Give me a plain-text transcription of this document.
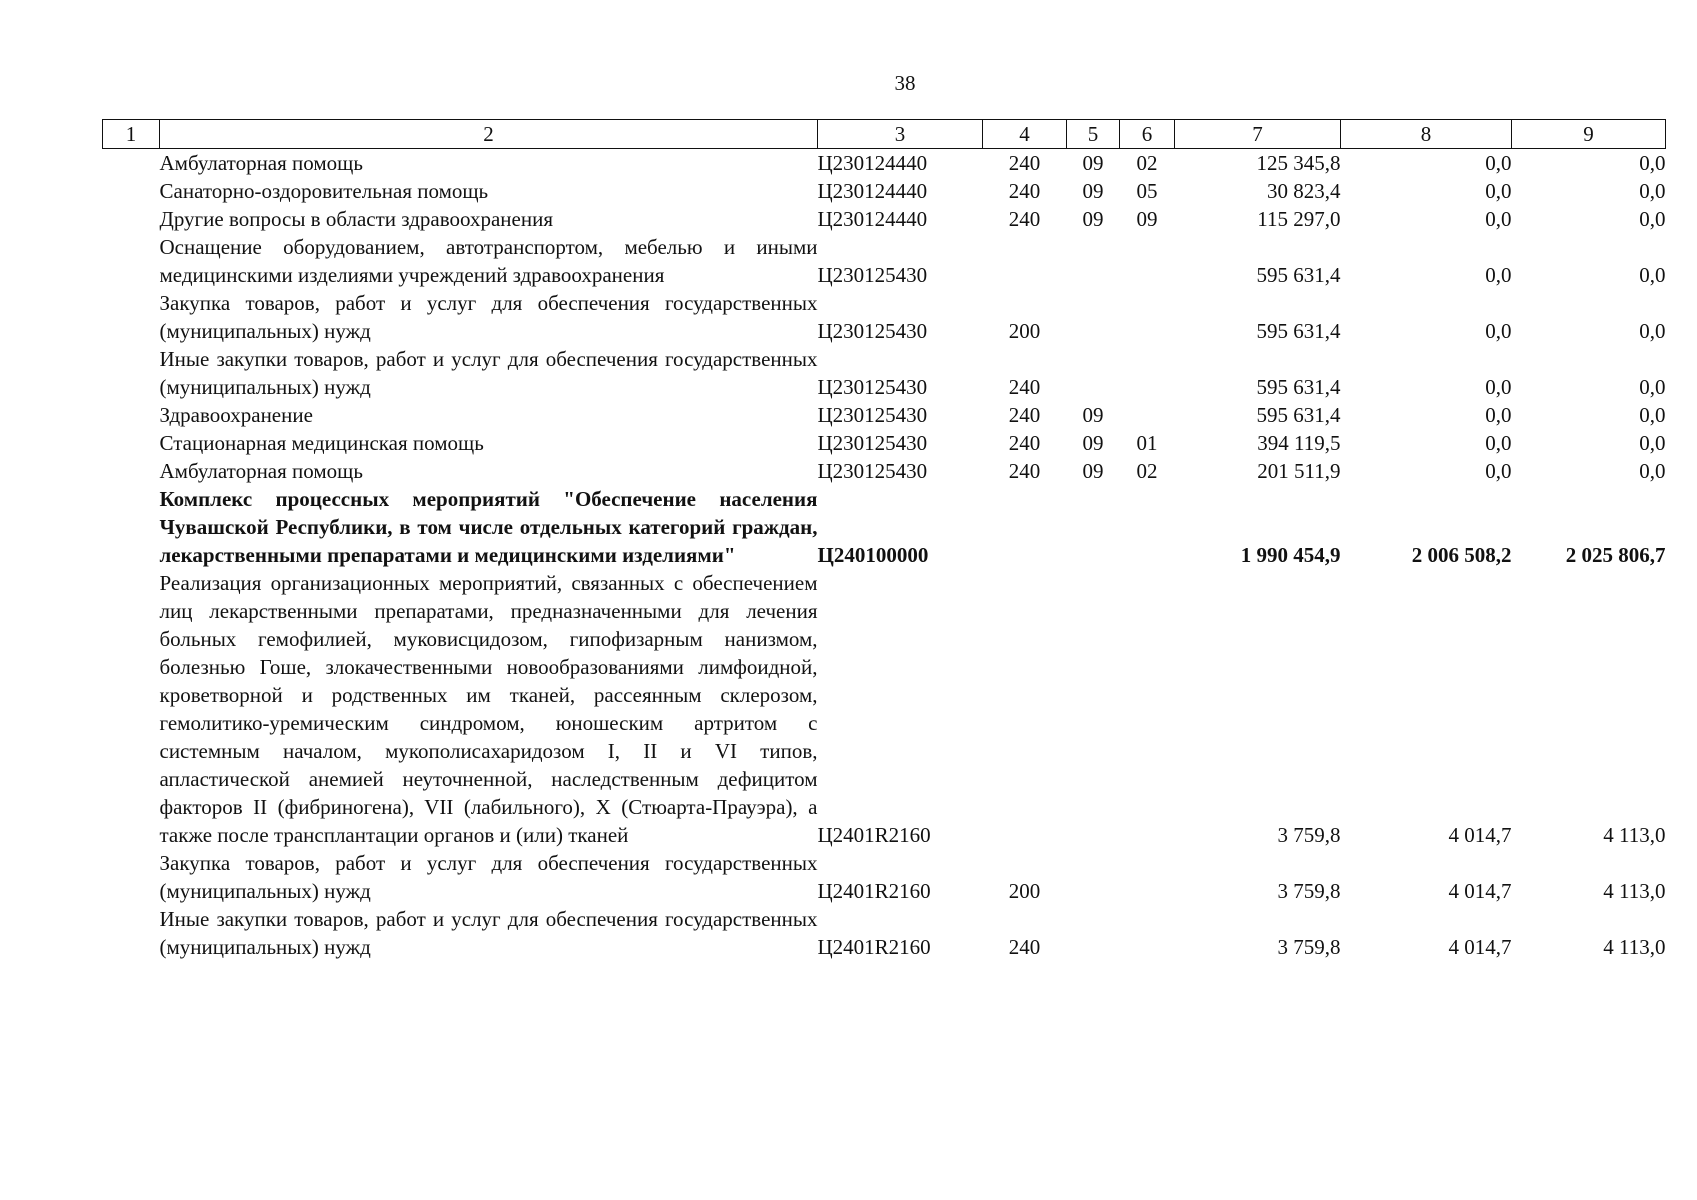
38
1	2	3	4	5	6	7	8	9
	Амбулаторная помощь	Ц230124440	240	09	02	125 345,8	0,0	0,0
	Санаторно-оздоровительная помощь	Ц230124440	240	09	05	30 823,4	0,0	0,0
	Другие вопросы в области здравоохранения	Ц230124440	240	09	09	115 297,0	0,0	0,0
	Оснащение оборудованием, автотранспортом, мебелью и иными медицинскими изделиями учреждений здравоохранения	Ц230125430				595 631,4	0,0	0,0
	Закупка товаров, работ и услуг для обеспечения государственных (муниципальных) нужд	Ц230125430	200			595 631,4	0,0	0,0
	Иные закупки товаров, работ и услуг для обеспечения государственных (муниципальных) нужд	Ц230125430	240			595 631,4	0,0	0,0
	Здравоохранение	Ц230125430	240	09		595 631,4	0,0	0,0
	Стационарная медицинская помощь	Ц230125430	240	09	01	394 119,5	0,0	0,0
	Амбулаторная помощь	Ц230125430	240	09	02	201 511,9	0,0	0,0
	Комплекс процессных мероприятий "Обеспечение населения Чувашской Республики, в том числе отдельных категорий граждан, лекарственными препаратами и медицинскими изделиями"	Ц240100000				1 990 454,9	2 006 508,2	2 025 806,7
	Реализация организационных мероприятий, связанных с обеспечением лиц лекарственными препаратами, предназначенными для лечения больных гемофилией, муковисцидозом, гипофизарным нанизмом, болезнью Гоше, злокачественными новообразованиями лимфоидной, кроветворной и родственных им тканей, рассеянным склерозом, гемолитико-уремическим синдромом, юношеским артритом с системным началом, мукополисахаридозом I, II и VI типов, апластической анемией неуточненной, наследственным дефицитом факторов II (фибриногена), VII (лабильного), X (Стюарта-Прауэра), а также после трансплантации органов и (или) тканей	Ц2401R2160				3 759,8	4 014,7	4 113,0
	Закупка товаров, работ и услуг для обеспечения государственных (муниципальных) нужд	Ц2401R2160	200			3 759,8	4 014,7	4 113,0
	Иные закупки товаров, работ и услуг для обеспечения государственных (муниципальных) нужд	Ц2401R2160	240			3 759,8	4 014,7	4 113,0
